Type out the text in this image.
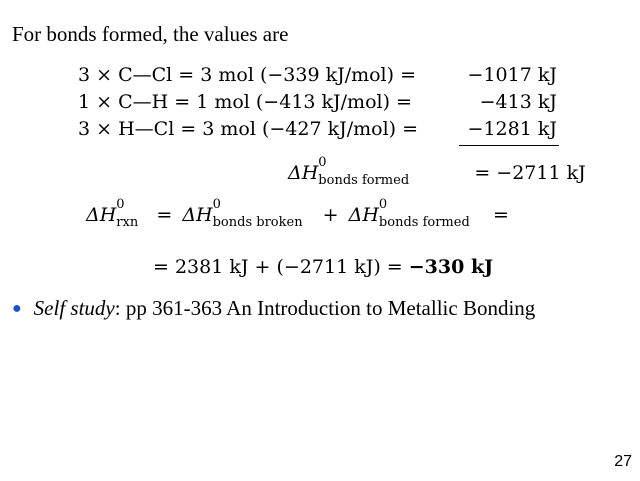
For bonds formed, the values are
3 × C—Cl = 3 mol (−339 kJ/mol) =	−1017 kJ
1 × C—H = 1 mol (−413 kJ/mol) =	−413 kJ
3 × H—Cl = 3 mol (−427 kJ/mol) =	−1281 kJ
ΔH 0
bonds formed	= −2711 kJ
ΔH 0
rxn = ΔH 0
bonds broken + ΔH 0
bonds formed =
= 2381 kJ + (−2711 kJ) = −330 kJ
● Self study: pp 361-363 An Introduction to Metallic Bonding
27
